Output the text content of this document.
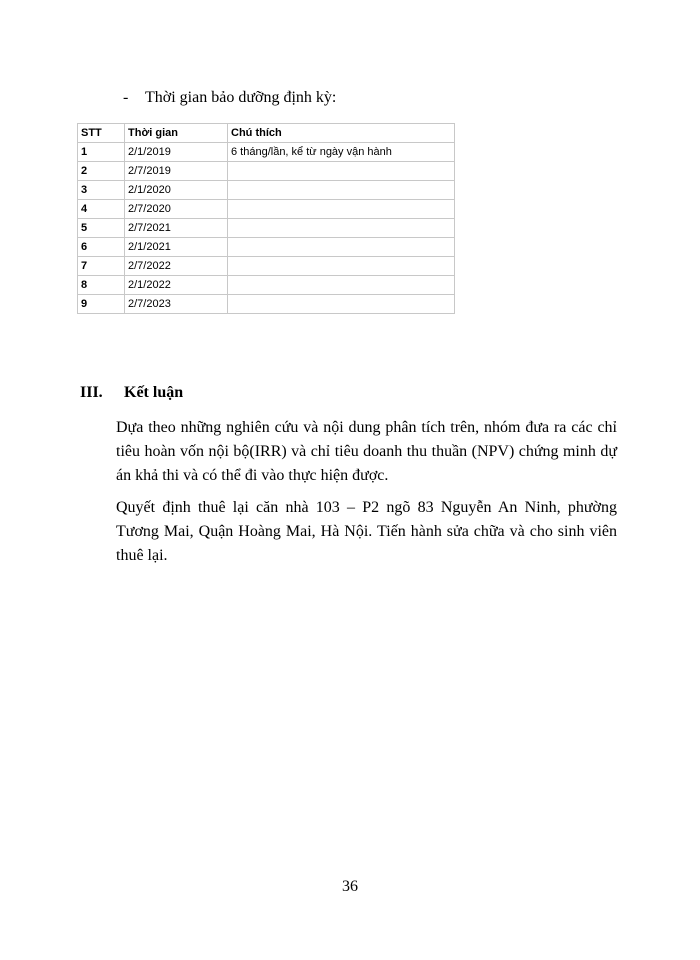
- Thời gian bảo dưỡng định kỳ:
STT	Thời gian	Chú thích
1	2/1/2019	6 tháng/lần, kể từ ngày vận hành
2	2/7/2019	
3	2/1/2020	
4	2/7/2020	
5	2/7/2021	
6	2/1/2021	
7	2/7/2022	
8	2/1/2022	
9	2/7/2023	
III. Kết luận

Dựa theo những nghiên cứu và nội dung phân tích trên, nhóm đưa ra các chỉ tiêu hoàn vốn nội bộ(IRR) và chỉ tiêu doanh thu thuần (NPV) chứng minh dự án khả thi và có thể đi vào thực hiện được.

Quyết định thuê lại căn nhà 103 – P2 ngõ 83 Nguyễn An Ninh, phường Tương Mai, Quận Hoàng Mai, Hà Nội. Tiến hành sửa chữa và cho sinh viên thuê lại.

36
